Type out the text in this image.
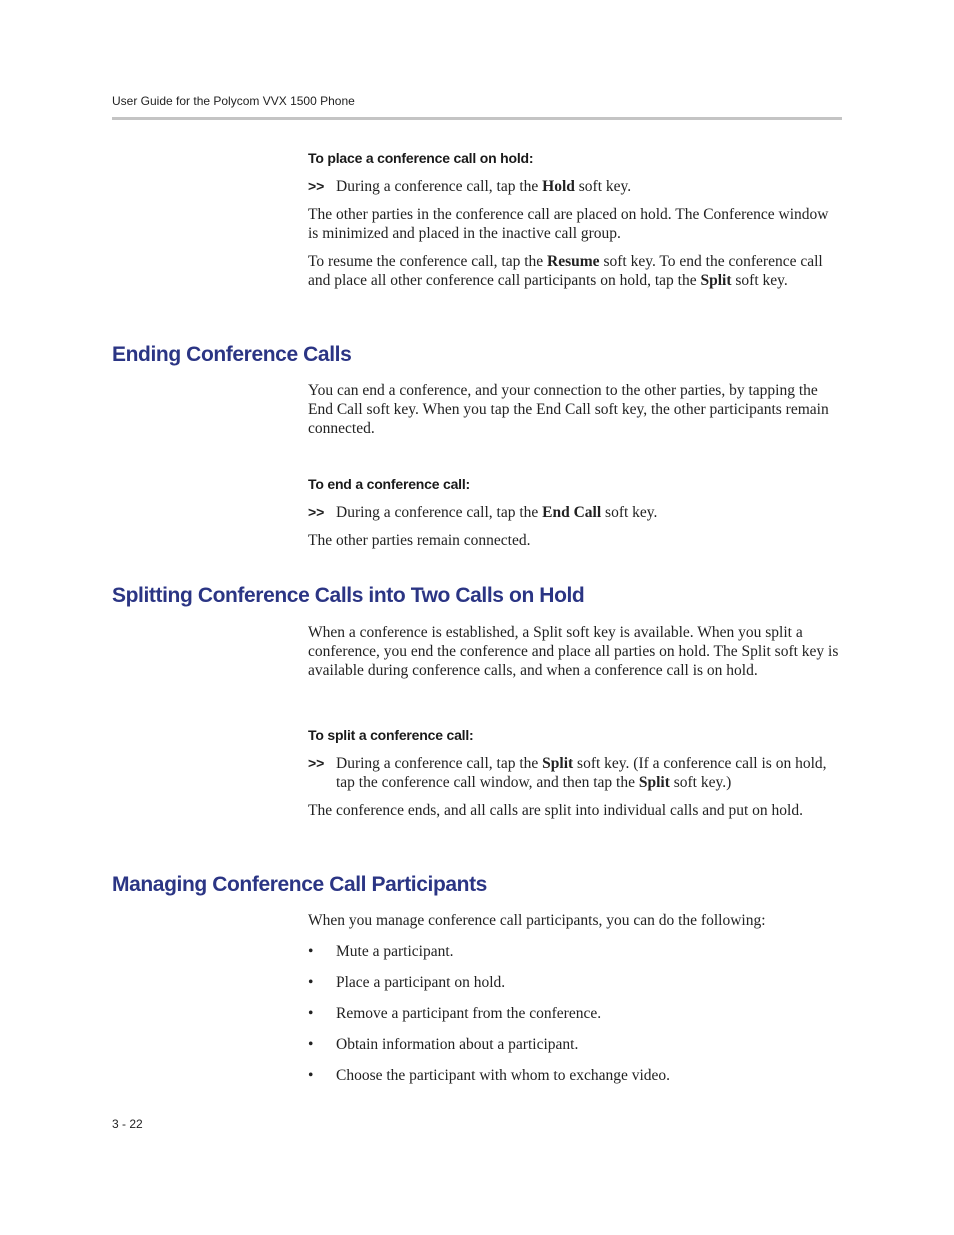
User Guide for the Polycom VVX 1500 Phone
To place a conference call on hold:
>> During a conference call, tap the Hold soft key.
The other parties in the conference call are placed on hold. The Conference window is minimized and placed in the inactive call group.
To resume the conference call, tap the Resume soft key. To end the conference call and place all other conference call participants on hold, tap the Split soft key.
Ending Conference Calls
You can end a conference, and your connection to the other parties, by tapping the End Call soft key. When you tap the End Call soft key, the other participants remain connected.
To end a conference call:
>> During a conference call, tap the End Call soft key.
The other parties remain connected.
Splitting Conference Calls into Two Calls on Hold
When a conference is established, a Split soft key is available. When you split a conference, you end the conference and place all parties on hold. The Split soft key is available during conference calls, and when a conference call is on hold.
To split a conference call:
>> During a conference call, tap the Split soft key. (If a conference call is on hold, tap the conference call window, and then tap the Split soft key.)
The conference ends, and all calls are split into individual calls and put on hold.
Managing Conference Call Participants
When you manage conference call participants, you can do the following:
• Mute a participant.
• Place a participant on hold.
• Remove a participant from the conference.
• Obtain information about a participant.
• Choose the participant with whom to exchange video.
3 - 22
